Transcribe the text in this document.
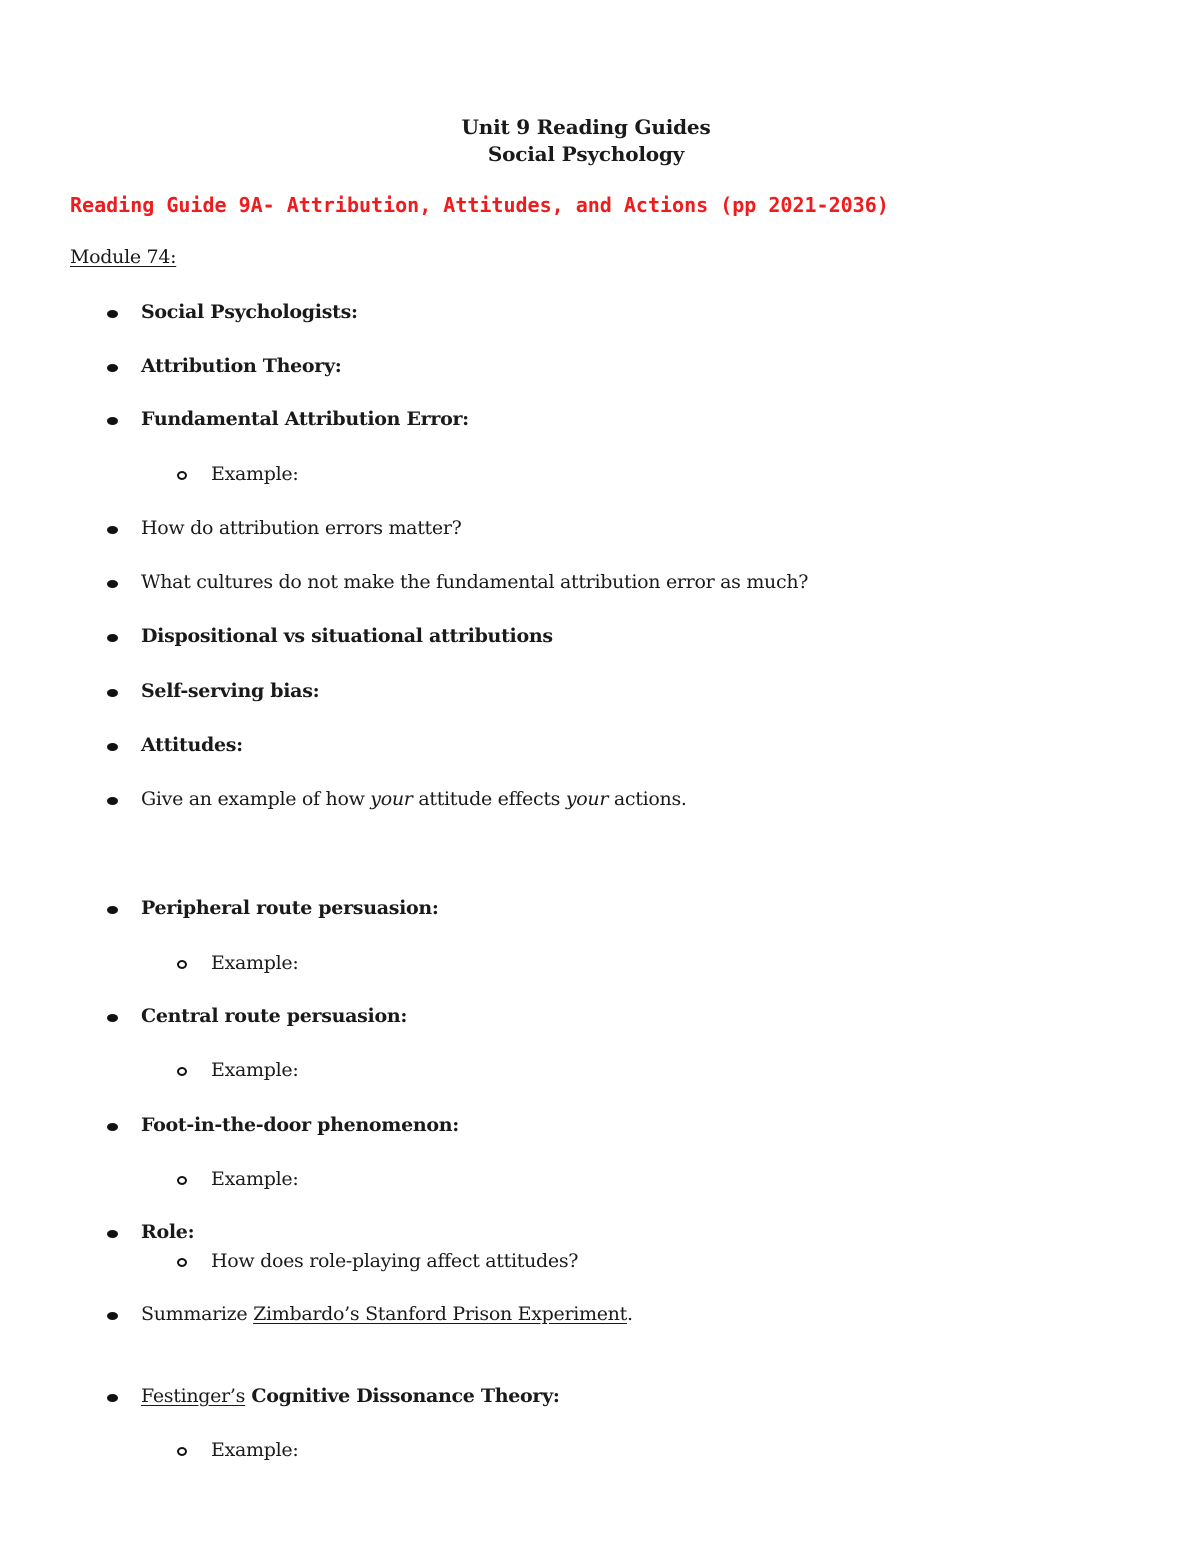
Unit 9 Reading Guides
Social Psychology
Reading Guide 9A- Attribution, Attitudes, and Actions (pp 2021-2036)
Module 74:
Social Psychologists:
Attribution Theory:
Fundamental Attribution Error:
Example:
How do attribution errors matter?
What cultures do not make the fundamental attribution error as much?
Dispositional vs situational attributions
Self-serving bias:
Attitudes:
Give an example of how your attitude effects your actions.
Peripheral route persuasion:
Example:
Central route persuasion:
Example:
Foot-in-the-door phenomenon:
Example:
Role:
How does role-playing affect attitudes?
Summarize Zimbardo’s Stanford Prison Experiment.
Festinger’s Cognitive Dissonance Theory:
Example:
